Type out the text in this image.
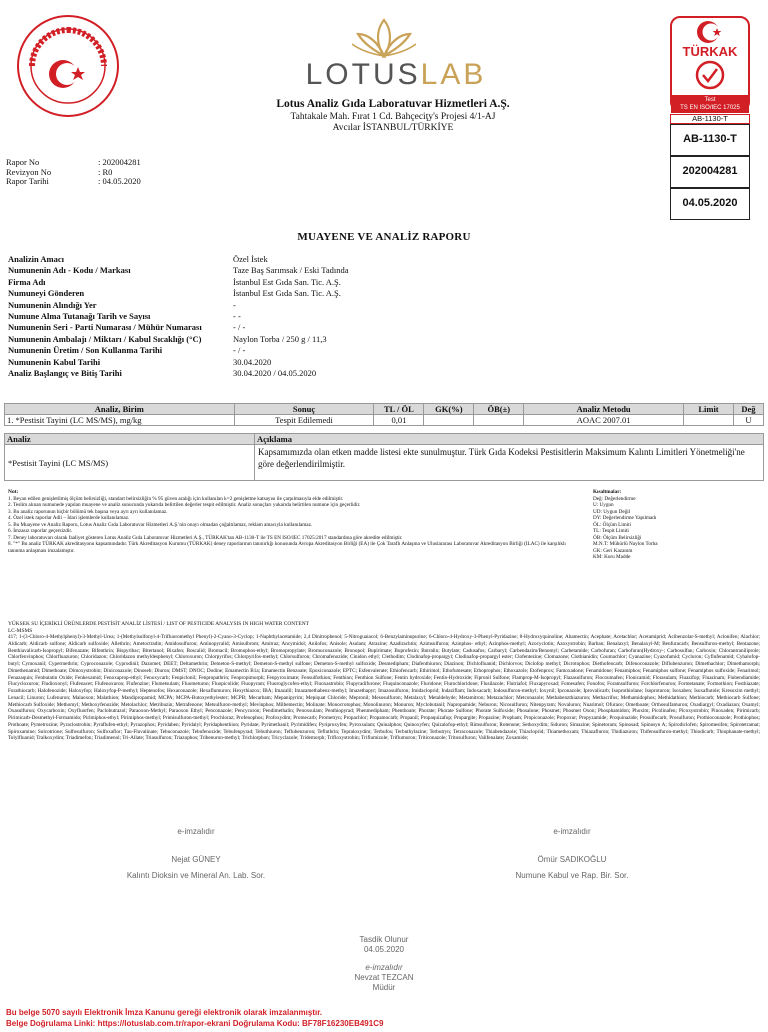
LOTUSLAB
Lotus Analiz Gıda Laboratuvar Hizmetleri A.Ş.
Tahtakale Mah. Fırat 1 Cd. Bahçeciţy's Projesi 4/1-AJ
Avcılar İSTANBUL/TÜRKİYE
TÜRKAK
Test
TS EN ISO/IEC 17025
AB-1130-T
AB-1130-T
202004281
04.05.2020
Rapor No	: 202004281
Revizyon No	: R0
Rapor Tarihi	: 04.05.2020
MUAYENE VE ANALİZ RAPORU
Analizin Amacı	Özel İstek
Numunenin Adı - Kodu / Markası	Taze Baş Sarımsak / Eski Tadında
Firma Adı	İstanbul Est Gıda San. Tic. A.Ş.
Numuneyi Gönderen	İstanbul Est Gıda San. Tic. A.Ş.
Numunenin Alındığı Yer	-
Numune Alma Tutanağı Tarih ve Sayısı	- -
Numunenin Seri - Parti Numarası / Mühür Numarası	- / -
Numunenin Ambalajı / Miktarı / Kabul Sıcaklığı (°C)	Naylon Torba / 250 g / 11,3
Numunenin Üretim / Son Kullanma Tarihi	- / -
Numunenin Kabul Tarihi	30.04.2020
Analiz Başlangıç ve Bitiş Tarihi	30.04.2020 / 04.05.2020
Analiz, Birim	Sonuç	TL / ÖL	GK(%)	ÖB(±)	Analiz Metodu	Limit	Değ
1. *Pestisit Tayini (LC MS/MS), mg/kg	Tespit Edilemedi	0,01			AOAC 2007.01		U
Analiz	Açıklama
*Pestisit Tayini (LC MS/MS)	Kapsamımızda olan etken madde listesi ekte sunulmuştur. Türk Gıda Kodeksi Pestisitlerin Maksimum Kalıntı Limitleri Yönetmeliği'ne göre değerlendirilmiştir.
Not:
1. Beyan edilen genişletilmiş ölçüm belirsizliği, standart belirsizliğin % 95 güven aralığı için kullanılan k=2 genişletme katsayısı ile çarpılmasıyla elde edilmiştir.
2. Teslim alınan numunede yapılan muayene ve analiz sonucunda yukarıda belirtilen değerler tespit edilmiştir. Analiz sonuçları yukarıda belirtilen numune için geçerlidir.
3. Bu analiz raporunun hiçbir bölümü tek başına veya ayrı ayrı kullanılamaz.
4. Özel istek raporlar Adli – İdari işlemlerde kullanılamaz.
5. Bu Muayene ve Analiz Raporu, Lotus Analiz Gıda Laboratuvar Hizmetleri A.Ş.'nin onayı olmadan çoğaltılamaz, reklam amacıyla kullanılamaz.
6. İmzasız raporlar geçersizdir.
7. Deney laboratuvarı olarak faaliyet gösteren Lotus Analiz Gıda Laboratuvar Hizmetleri A.Ş., TÜRKAK'tan AB-1130-T ile TS EN ISO/IEC 17025:2017 standardına göre akredite edilmiştir.
8. "*" Bu analiz TÜRKAK akreditasyonu kapsamındadır. Türk Akreditasyon Kurumu (TÜRKAK) deney raporlarının tanınırlığı konusunda Avrupa Akreditasyon Birliği (EA) ile Çok Taraflı Anlaşma ve Uluslararası Laboratuvar Akreditasyon Birliği (ILAC) ile karşılıklı tanınma anlaşması imzalamıştır.
Kısaltmalar:
Değ: Değerlendirme
U: Uygun
UD: Uygun Değil
DY: Değerlendirme Yapılmadı
ÖL: Ölçüm Limiti
TL: Tespit Limiti
ÖB: Ölçüm Belirsizliği
M.N.T: Mühürlü Naylon Torba
GK: Geri Kazanım
KM: Kuru Madde
YÜKSEK SU İÇERİKLİ ÜRÜNLERDE PESTİSİT ANALİZ LİSTESİ / LIST OF PESTICIDE ANALYSIS IN HIGH WATER CONTENT
LC-MSMS
417; 1-(3-Chloro-4-Methylphenyl)-3-Methyl-Urea; 1-(Methylsulfonyl-4-Trifluoromethyl Phenyl)-2-Cyano-3-Cyclop; 1-Naphthylacetamide; 2,4 Dinitrophenol; 5-Nitroguaiacol; 6-Benzylaminopurine; 6-Chloro-4-Hydroxy-3-Phenyl-Pyridazine; 8-Hydroxyquinoline; Abamectin; Acephate; Acetachlor; Acetamiprid; Acibenzolar-S-methyl; Aclonifen; Alachlor; Aldicarb; Aldicarb sulfone; Aldicarb sulfoxide; Allethrin; Ametoctradin; Amidosulfuron; Aminopyralid; Amisulbrom; Amitraz; Ancymidol; Anilofos; Anisole; Asulam; Atrazine; Azadirachtin; Azimsulfuron; Azinphos- ethyl; Azinphos-methyl; Azocyclotin; Azoxystrobin; Barban; Benalaxyl; Benalaxyl-M; Benfuracarb; Bensulfuron-methyl; Bentazone; Benthiavalicarb-Isopropyl; Bifenazate; Bifenthrin; Bispyribac; Bitertanol; Bixafen; Boscalid; Bromacil; Bromophos-ethyl; Bromopropylate; Bromuconazole; Bronopol; Bupirimate; Buprofezin; Butralin; Butylate; Cadusafos; Carbaryl; Carbendazim/Benomyl; Carbetamide; Carbofuran; Carbofuran(Hydroxy-; Carbosulfan; Carboxin; Chlorantraniliprole; Chlorfenvinphos; Chlorfluazuron; Chloridazon; Chloridazon methyldesphenyl; Chloroxuron; Chlorpyrifos; Chlorpyrifos-methyl; Chlorsulfuron; Chromafenozide; Cinidon ethyl; Clethodim; Clodinafop-propargyl; Clodinafop-propargyl ester; Clofentezine; Clomazone; Clothianidin; Coumachlor; Cyanazine; Cyazofamid; Cycluron; Cyflufenamid; Cyhalofop-butyl; Cymoxanil; Cypermethrin; Cyproconazole; Cyprodinil; Dazomet; DEET; Deltamethrin; Demeton-S-methyl; Demeton-S-methyl sulfone; Demeton-S-methyl sulfoxide; Desmedipham; Diafenthiuron; Diazinon; Dichlofluanid; Dichlorvos; Diclofop methyl; Dicrotophos; Diethofencarb; Difenoconazole; Diflubenzuron; Dimethachlor; Dimethamorph; Dimethenamid; Dimethoate; Dimoxystrobin; Diniconazole; Dinoseb; Diuron; DMST; DNOC; Dodine; Emamectin B1a; Emamectin Benzoate; Epoxiconazole; EPTC; Esfenvalerate; Ethiofencarb; Ethirimol; Ethofumesate; Ethoprophos; Ethoxazole; Etofenprox; Famoxadone; Fenamidone; Fenamiphos; Fenamiphos sulfone; Fenamiphos sulfoxide; Fenarimol; Fenazaquin; Fenbutatin Oxide; Fenhexamid; Fenoxaprop-ethyl; Fenoxycarb; Fenpiclonil; Fenpropathrin; Fenpropimorph; Fenpyroximate; Fensulfothion; Fenthion; Fenthion Sulfone; Fentin hydroxide; Fentin-Hydroxide; Fipronil Sulfone; Flamprop-M-Isopropyl; Flazasulfuron; Flocoumafen; Flonicamid; Florasulam; Fluazifop; Fluazinam; Flubendiamide; Flucycloxuron; Fludioxonyl; Flufenacet; Flufenoxuron; Flufenzine; Flumetsulam; Fluometuron; Fluopicolide; Fluopyram; Fluoroglycofen-ethyl; Fluoxastrobin; Flupyradifurone; Fluquinconazole; Fluridone; Flurochloridone; Flusilazole; Flutriafol; Fluxapyroxad; Fomesafen; Fonofos; Foramsulfuron; Forchlorfenuron; Formetanate; Formothion; Fosthiazate; Furathiocarb; Halofenozide; Haloxyfop; Haloxyfop-P-methyl; Heptenofos; Hexaconazole; Hexaflumuron; Hexythiazox; IBA; Imazalil; Imazamethabenz-methyl; Imazethapyr; Imazosulfuron; Imidacloprid; Indaziflam; Indoxacarb; Iodosulfuron-methyl; Ioxynil; Ipconazole; Iprovalicarb; Isoprothiolane; Isoproturon; Isoxaben; Isoxaflutole; Kresoxim methyl; Lenacil; Linuron; Lufenuron; Malaoxon; Malathion; Mandipropamid; MCPA; MCPA-Butoxyethylester; MCPB; Mecarbam; Mepanipyrim; Mepiquat Chloride; Mepronil; Mesosulfuron; Metalaxyl; Metaldehyde; Metamitron; Metazachlor; Metconazole; Methabenzthiazuron; Methacrifos; Methamidophos; Methidathion; Methiocarb; Methiocarb Sulfone; Methiocarb Sulfoxide; Methomyl; Methoxyfenozide; Metolachlor; Metribuzin; Metrafenone; Metsulfuron-methyl; Mevinphos; Milbemectin; Molinate; Monocrotophos; Monolinuron; Monuron; Myclobutanil; Napropamide; Neburon; Nicosulfuron; Nitenpyram; Novaluron; Nuarimol; Ofurace; Omethoate; Orthosulfamuron; Oxadiargyl; Oxadiazon; Oxamyl; Oxasulfuron; Oxycarboxin; Oxyfluorfen; Paclobutrazol; Paraoxon-Methyl; Paraoxon Ethyl; Penconazole; Pencycuron; Pendimethalin; Penoxsulam; Penthiopyrad; Phenmedipham; Phenthoate; Phorate; Phorate Sulfone; Phorate Sulfoxide; Phosalone; Phosmet; Phosmet Oxon; Phosphamidon; Phoxim; Picolinafen; Picoxystrobin; Pinoxaden; Pirimicarb; Pirimicarb-Desmethyl-Formamido; Pirimiphos-ethyl; Pirimiphos-methyl; Primisulfuron-methyl; Prochloraz; Profenophos; Profoxydim; Promecarb; Prometryn; Propachlor; Propamocarb; Propanil; Propaquizafop; Propargite; Propazine; Propham; Propiconazole; Propoxur; Propyzamide; Proquinazide; Prosulfocarb; Prosulfuron; Prothioconazole; Prothiophos; Prothoate; Pymetrozine; Pyraclostrobin; Pyraflufen-ethyl; Pyrazophos; Pyridaben; Pyridalyl; Pyridaphenthion; Pyridate; Pyrimethanil; Pyrimidifen; Pyriproxyfen; Pyroxsulam; Quinalphos; Quinoxyfen; Quizalofop-ethyl; Rimsulfuron; Rotenone; Sethoxydim; Siduron; Simazine; Spinetoram; Spinosad; Spinosyn A; Spirodiclofen; Spiromesifen; Spirotetramat; Spiroxamine; Sulcotrione; Sulfosulfuron; Sulfoxaflor; Tau-Fluvalinate; Tebuconazole; Tebufenozide; Tebufenpyrad; Tebuthiuron; Teflubenzuron; Tefluthrin; Tepraloxydim; Terbufos; Terbuthylazine; Terbutryn; Tetraconazole; Thiabendazole; Thiacloprid; Thiamethoxam; Thiazafluron; Thidiazuron; Thifensulfuron-methyl; Thiodicarb; Thiophanate-methyl; Tolylfluanid; Tralkoxydim; Triadimefon; Triadimenol; Tri-Allate; Triasulfuron; Triazophos; Tribenuron-methyl; Trichlorphon; Tricyclazole; Tridemorph; Trifloxystrobin; Triflumizole; Triflumuron; Triticonazole; Tritosulfuron; Valifenalate; Zoxamide;
e-imzalıdır
Nejat GÜNEY
Kalıntı Dioksin ve Mineral An. Lab. Sor.
e-imzalıdır
Ömür SADIKOĞLU
Numune Kabul ve Rap. Bir. Sor.
Tasdik Olunur
04.05.2020
e-imzalıdır
Nevzat TEZCAN
Müdür
Bu belge 5070 sayılı Elektronik İmza Kanunu gereği elektronik olarak imzalanmıştır.
Belge Doğrulama Linki: https://lotuslab.com.tr/rapor-ekrani Doğrulama Kodu: BF78F16230EB491C9
